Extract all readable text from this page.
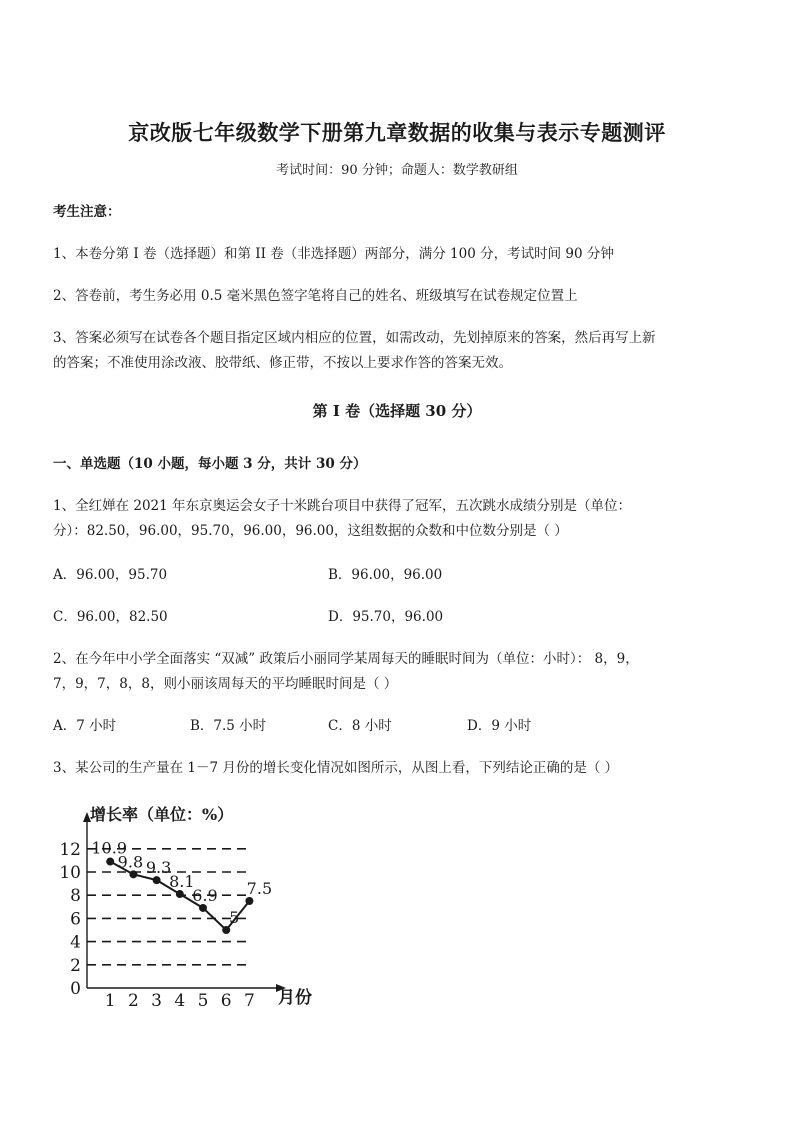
京改版七年级数学下册第九章数据的收集与表示专题测评
考试时间：90 分钟；命题人：数学教研组
考生注意：
1、本卷分第 I 卷（选择题）和第 II 卷（非选择题）两部分，满分 100 分，考试时间 90 分钟
2、答卷前，考生务必用 0.5 毫米黑色签字笔将自己的姓名、班级填写在试卷规定位置上
3、答案必须写在试卷各个题目指定区域内相应的位置，如需改动，先划掉原来的答案，然后再写上新
的答案；不准使用涂改液、胶带纸、修正带，不按以上要求作答的答案无效。
第 I 卷（选择题 30 分）
一、单选题（10 小题，每小题 3 分，共计 30 分）
1、全红婵在 2021 年东京奥运会女子十米跳台项目中获得了冠军，五次跳水成绩分别是（单位：
分）：82.50，96.00，95.70，96.00，96.00，这组数据的众数和中位数分别是（ ）
A．96.00，95.70	B．96.00，96.00
C．96.00，82.50	D．95.70，96.00
2、在今年中小学全面落实 “双减” 政策后小丽同学某周每天的睡眠时间为（单位：小时）： 8，9，
7，9，7，8，8，则小丽该周每天的平均睡眠时间是（ ）
A．7 小时	B．7.5 小时	C．8 小时	D．9 小时
3、某公司的生产量在 1－7 月份的增长变化情况如图所示，从图上看，下列结论正确的是（ ）
增长率（单位：%）
月份
0
2
4
6
8
10
12
1 2 3 4 5 6 7
10.9
9.8 9.3
8.1
6.9
5
7.5
